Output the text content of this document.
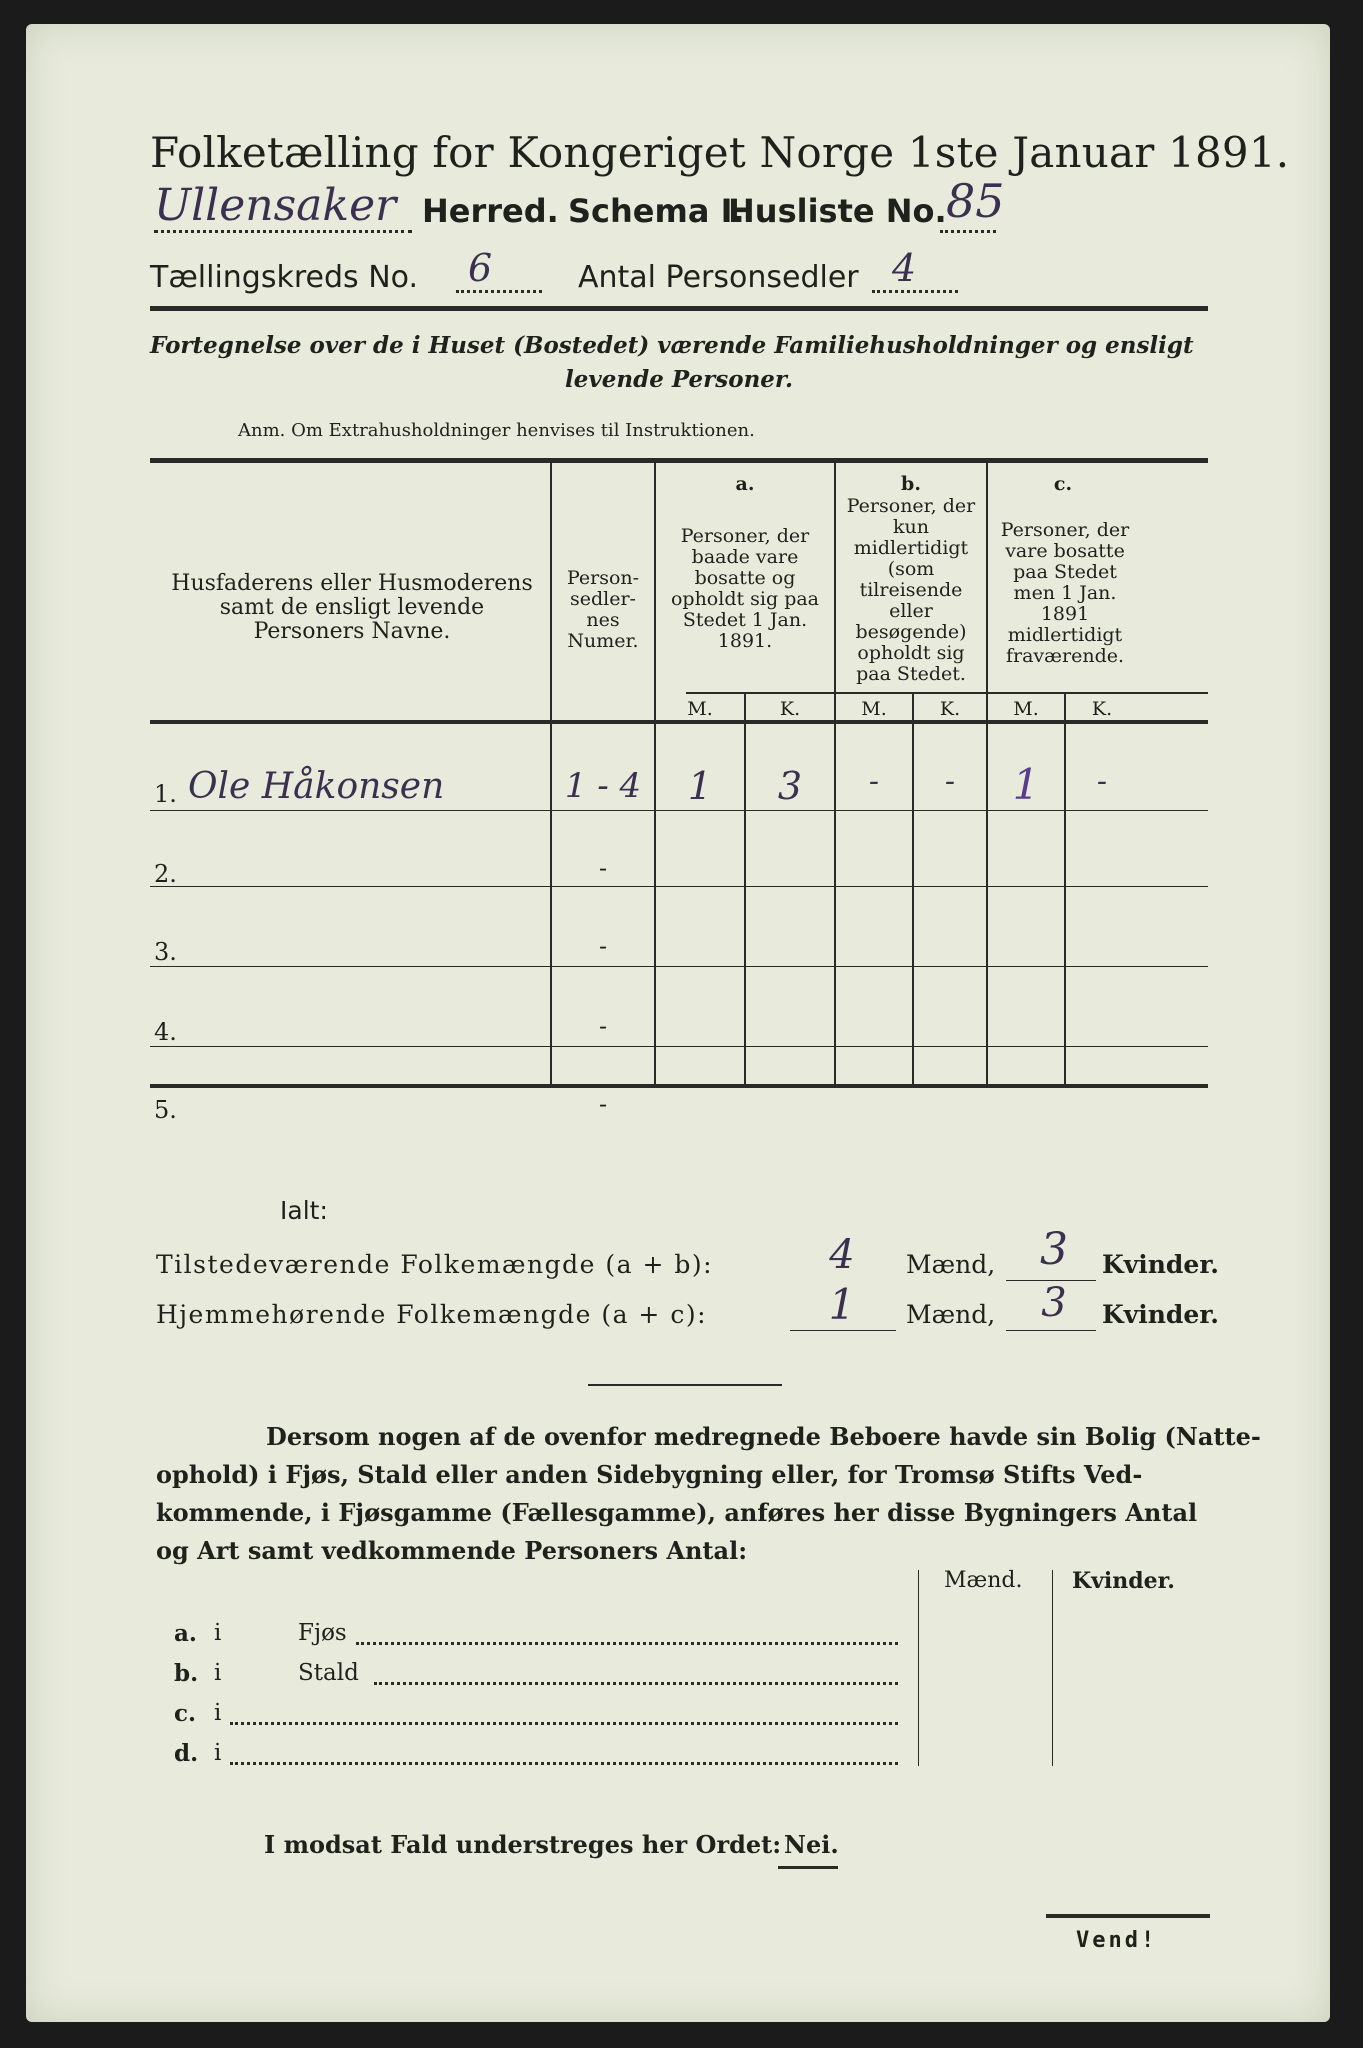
Folketælling for Kongeriget Norge 1ste Januar 1891.
Ullensaker Herred. Schema I.
Husliste No. 85
Tællingskreds No. 6	Antal Personsedler 4
Fortegnelse over de i Huset (Bostedet) værende Familiehusholdninger og ensligt
levende Personer.
Anm. Om Extrahusholdninger henvises til Instruktionen.
Husfaderens eller Husmoderens samt de ensligt levende Personers Navne.
Person-sedler-nes Numer.
a.
Personer, der baade vare bosatte og opholdt sig paa Stedet 1 Jan. 1891.
b.
Personer, der kun midlertidigt (som tilreisende eller besøgende) opholdt sig paa Stedet.
c.
Personer, der vare bosatte paa Stedet men 1 Jan. 1891 midlertidigt fraværende.
M.	K.	M.	K.	M.	K.
1. Ole Håkonsen	1 - 4	1	3	-	-	1	-
2.	-
3.	-
4.	-
5.	-
Ialt:
Tilstedeværende Folkemængde (a + b):	4	Mænd,	3	Kvinder.
Hjemmehørende Folkemængde (a + c):	1	Mænd,	3	Kvinder.
Dersom nogen af de ovenfor medregnede Beboere havde sin Bolig (Natte-
ophold) i Fjøs, Stald eller anden Sidebygning eller, for Tromsø Stifts Ved-
kommende, i Fjøsgamme (Fællesgamme), anføres her disse Bygningers Antal
og Art samt vedkommende Personers Antal:
Mænd. Kvinder.
a. i	Fjøs
b. i	Stald
c. i
d. i
I modsat Fald understreges her Ordet: Nei.
Vend!
